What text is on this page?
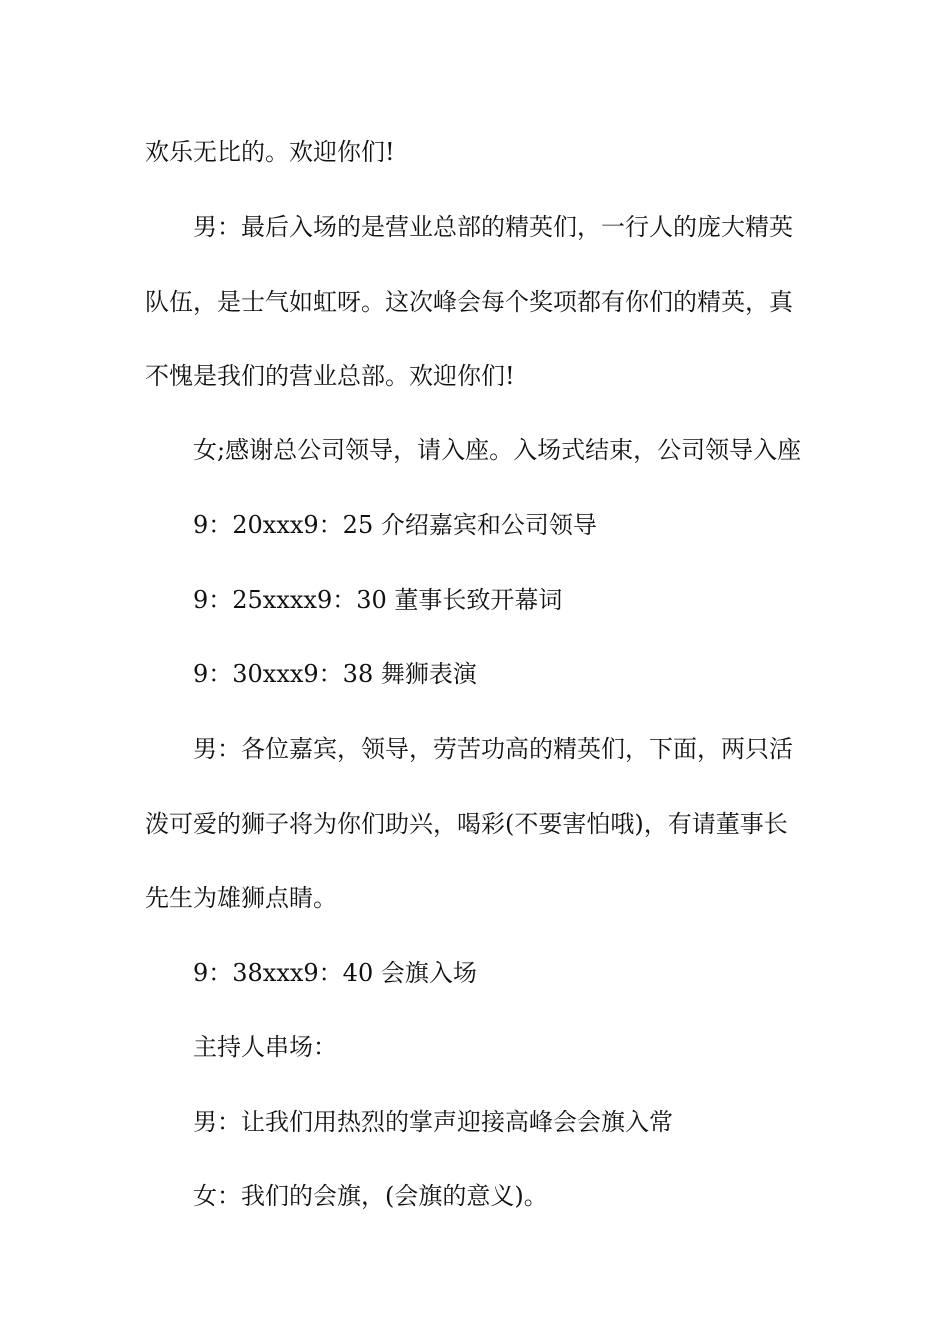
欢乐无比的。欢迎你们!
男：最后入场的是营业总部的精英们，一行人的庞大精英
队伍，是士气如虹呀。这次峰会每个奖项都有你们的精英，真
不愧是我们的营业总部。欢迎你们!
女;感谢总公司领导，请入座。入场式结束，公司领导入座
9：20xxx9：25 介绍嘉宾和公司领导
9：25xxxx9：30 董事长致开幕词
9：30xxx9：38 舞狮表演
男：各位嘉宾，领导，劳苦功高的精英们，下面，两只活
泼可爱的狮子将为你们助兴，喝彩(不要害怕哦)，有请董事长
先生为雄狮点睛。
9：38xxx9：40 会旗入场
主持人串场：
男：让我们用热烈的掌声迎接高峰会会旗入常
女：我们的会旗，(会旗的意义)。
